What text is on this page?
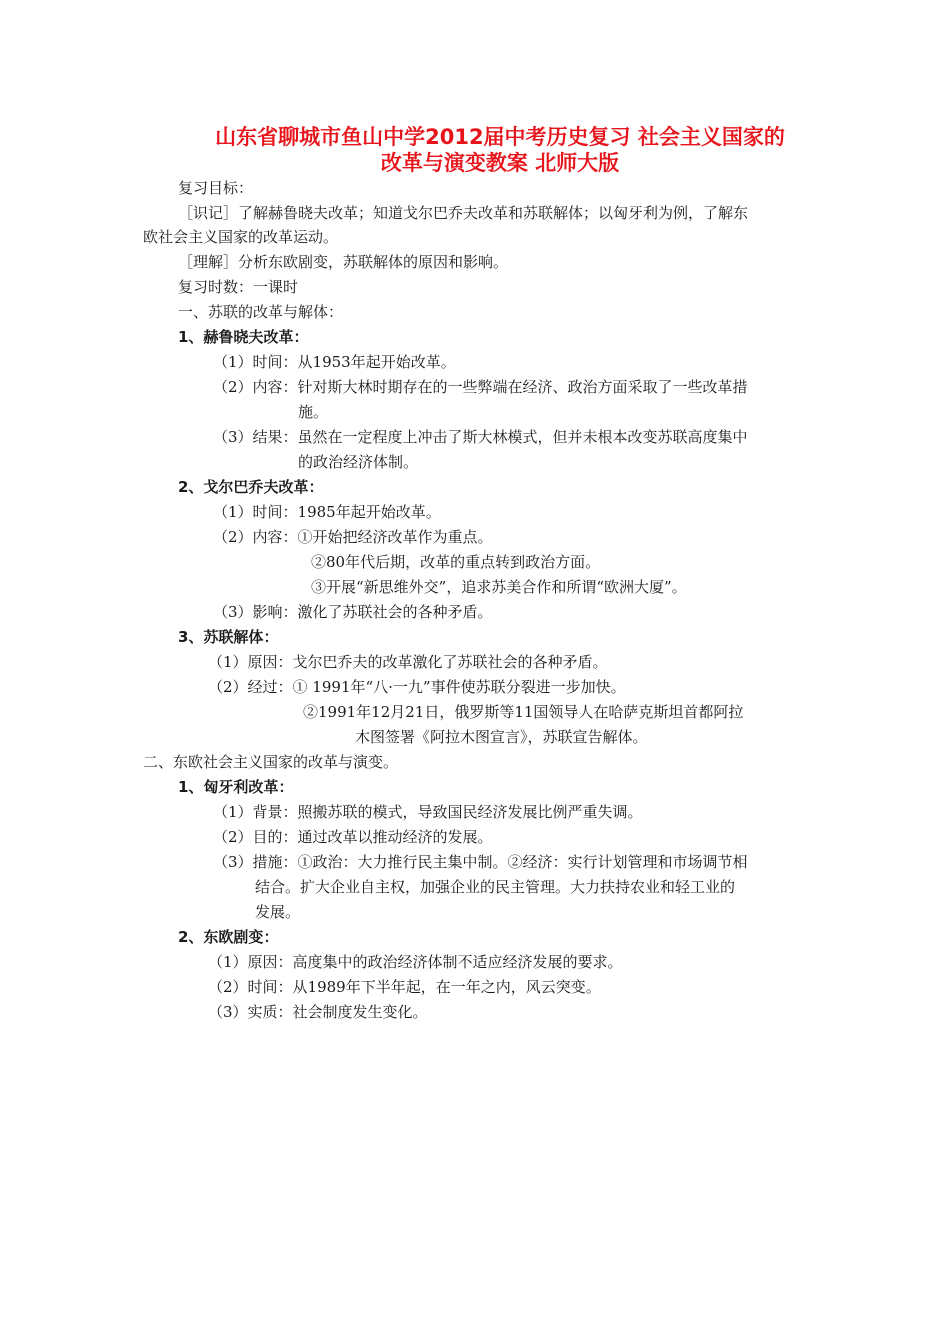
山东省聊城市鱼山中学2012届中考历史复习 社会主义国家的
改革与演变教案 北师大版

复习目标：

［识记］了解赫鲁晓夫改革；知道戈尔巴乔夫改革和苏联解体；以匈牙利为例，了解东

欧社会主义国家的改革运动。

［理解］分析东欧剧变，苏联解体的原因和影响。

复习时数：一课时

一、苏联的改革与解体：

1、赫鲁晓夫改革：

（1）时间：从1953年起开始改革。

（2）内容：针对斯大林时期存在的一些弊端在经济、政治方面采取了一些改革措

施。

（3）结果：虽然在一定程度上冲击了斯大林模式，但并未根本改变苏联高度集中

的政治经济体制。

2、戈尔巴乔夫改革：

（1）时间：1985年起开始改革。

（2）内容：①开始把经济改革作为重点。

②80年代后期，改革的重点转到政治方面。

③开展“新思维外交”，追求苏美合作和所谓“欧洲大厦”。

（3）影响：激化了苏联社会的各种矛盾。

3、苏联解体：

（1）原因：戈尔巴乔夫的改革激化了苏联社会的各种矛盾。

（2）经过：① 1991年“八·一九”事件使苏联分裂进一步加快。

②1991年12月21日，俄罗斯等11国领导人在哈萨克斯坦首都阿拉

木图签署《阿拉木图宣言》，苏联宣告解体。

二、东欧社会主义国家的改革与演变。

1、匈牙利改革：

（1）背景：照搬苏联的模式，导致国民经济发展比例严重失调。

（2）目的：通过改革以推动经济的发展。

（3）措施：①政治：大力推行民主集中制。②经济：实行计划管理和市场调节相

结合。扩大企业自主权，加强企业的民主管理。大力扶持农业和轻工业的

发展。

2、东欧剧变：

（1）原因：高度集中的政治经济体制不适应经济发展的要求。

（2）时间：从1989年下半年起，在一年之内，风云突变。

（3）实质：社会制度发生变化。
